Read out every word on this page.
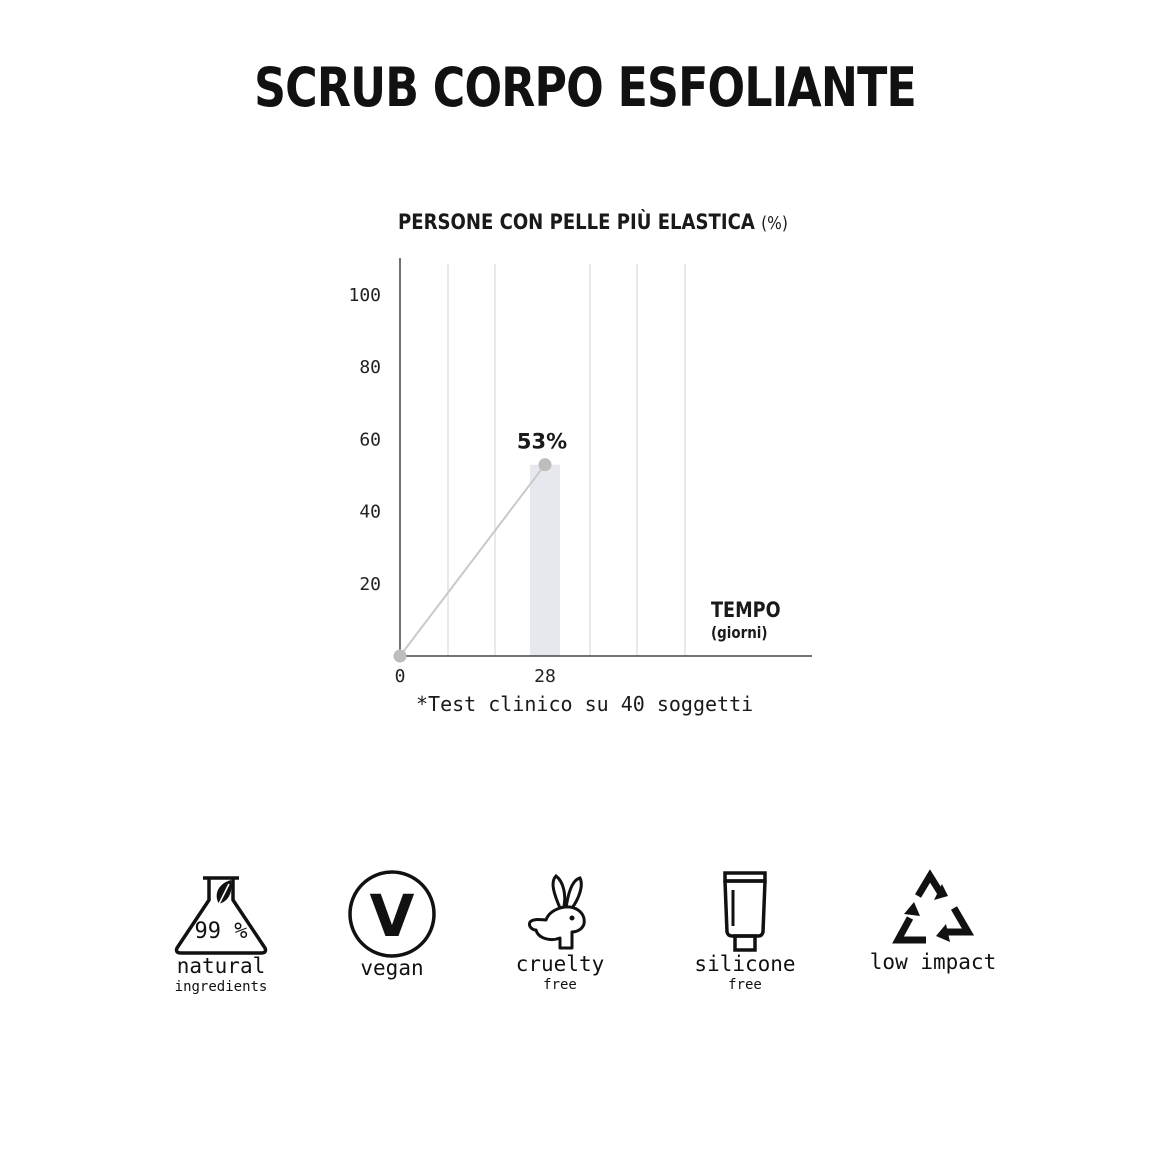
SCRUB CORPO ESFOLIANTE
PERSONE CON PELLE PIÙ ELASTICA (%)
20
40
60
80
100
0	28
53%
TEMPO
(giorni)
*Test clinico su 40 soggetti
99 %
natural
ingredients
V
vegan	cruelty
free
silicone
free
low impact
